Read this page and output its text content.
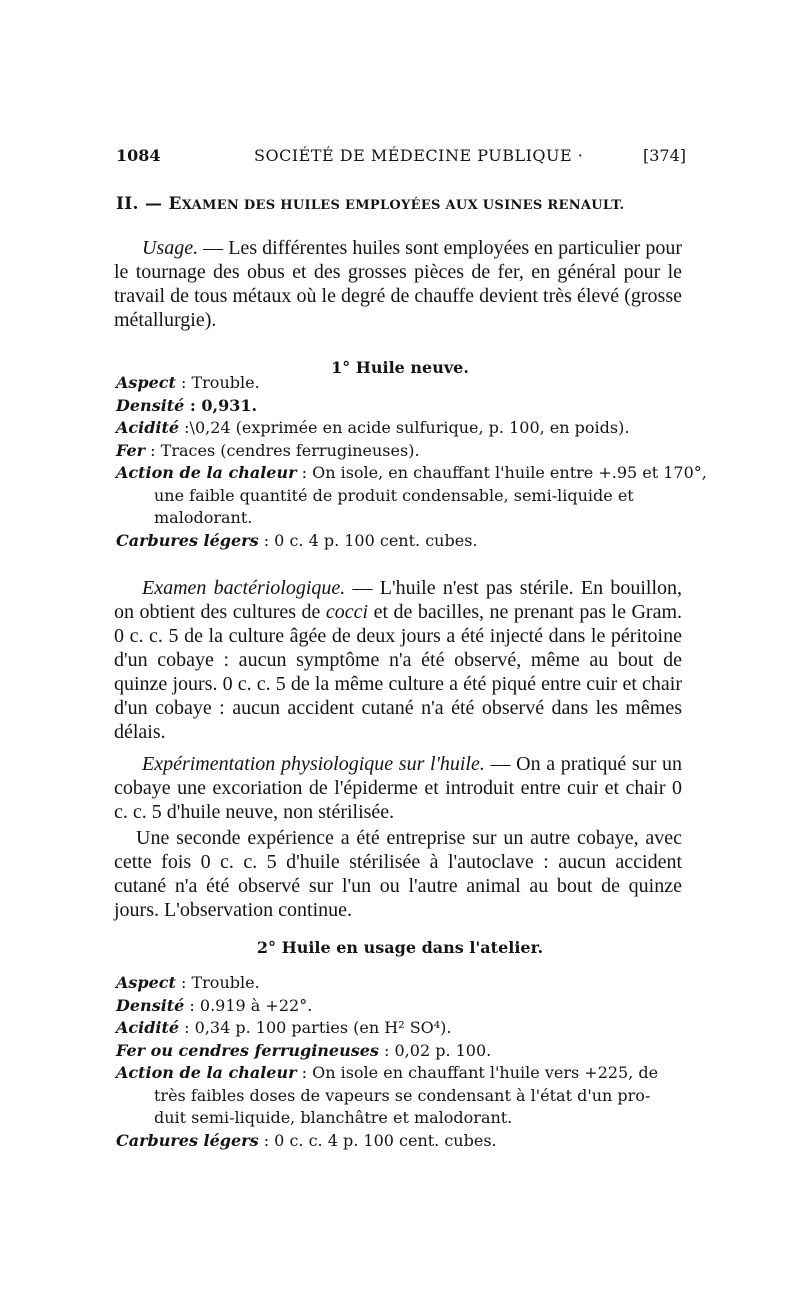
1084	SOCIÉTÉ DE MÉDECINE PUBLIQUE ·	[374]
II. — EXAMEN DES HUILES EMPLOYÉES AUX USINES RENAULT.
Usage. — Les différentes huiles sont employées en particulier pour le tournage des obus et des grosses pièces de fer, en général pour le travail de tous métaux où le degré de chauffe devient très élevé (grosse métallurgie).
1° Huile neuve.
Aspect : Trouble.
Densité : 0,931.
Acidité :\0,24 (exprimée en acide sulfurique, p. 100, en poids).
Fer : Traces (cendres ferrugineuses).
Action de la chaleur : On isole, en chauffant l'huile entre +.95 et 170°,
une faible quantité de produit condensable, semi-liquide et
malodorant.
Carbures légers : 0 c. 4 p. 100 cent. cubes.
Examen bactériologique. — L'huile n'est pas stérile. En bouillon, on obtient des cultures de cocci et de bacilles, ne prenant pas le Gram. 0 c. c. 5 de la culture âgée de deux jours a été injecté dans le péritoine d'un cobaye : aucun symptôme n'a été observé, même au bout de quinze jours. 0 c. c. 5 de la même culture a été piqué entre cuir et chair d'un cobaye : aucun accident cutané n'a été observé dans les mêmes délais.
Expérimentation physiologique sur l'huile. — On a pratiqué sur un cobaye une excoriation de l'épiderme et introduit entre cuir et chair 0 c. c. 5 d'huile neuve, non stérilisée.
Une seconde expérience a été entreprise sur un autre cobaye, avec cette fois 0 c. c. 5 d'huile stérilisée à l'autoclave : aucun accident cutané n'a été observé sur l'un ou l'autre animal au bout de quinze jours. L'observation continue.
2° Huile en usage dans l'atelier.
Aspect : Trouble.
Densité : 0.919 à +22°.
Acidité : 0,34 p. 100 parties (en H² SO⁴).
Fer ou cendres ferrugineuses : 0,02 p. 100.
Action de la chaleur : On isole en chauffant l'huile vers +225, de
très faibles doses de vapeurs se condensant à l'état d'un pro-
duit semi-liquide, blanchâtre et malodorant.
Carbures légers : 0 c. c. 4 p. 100 cent. cubes.
